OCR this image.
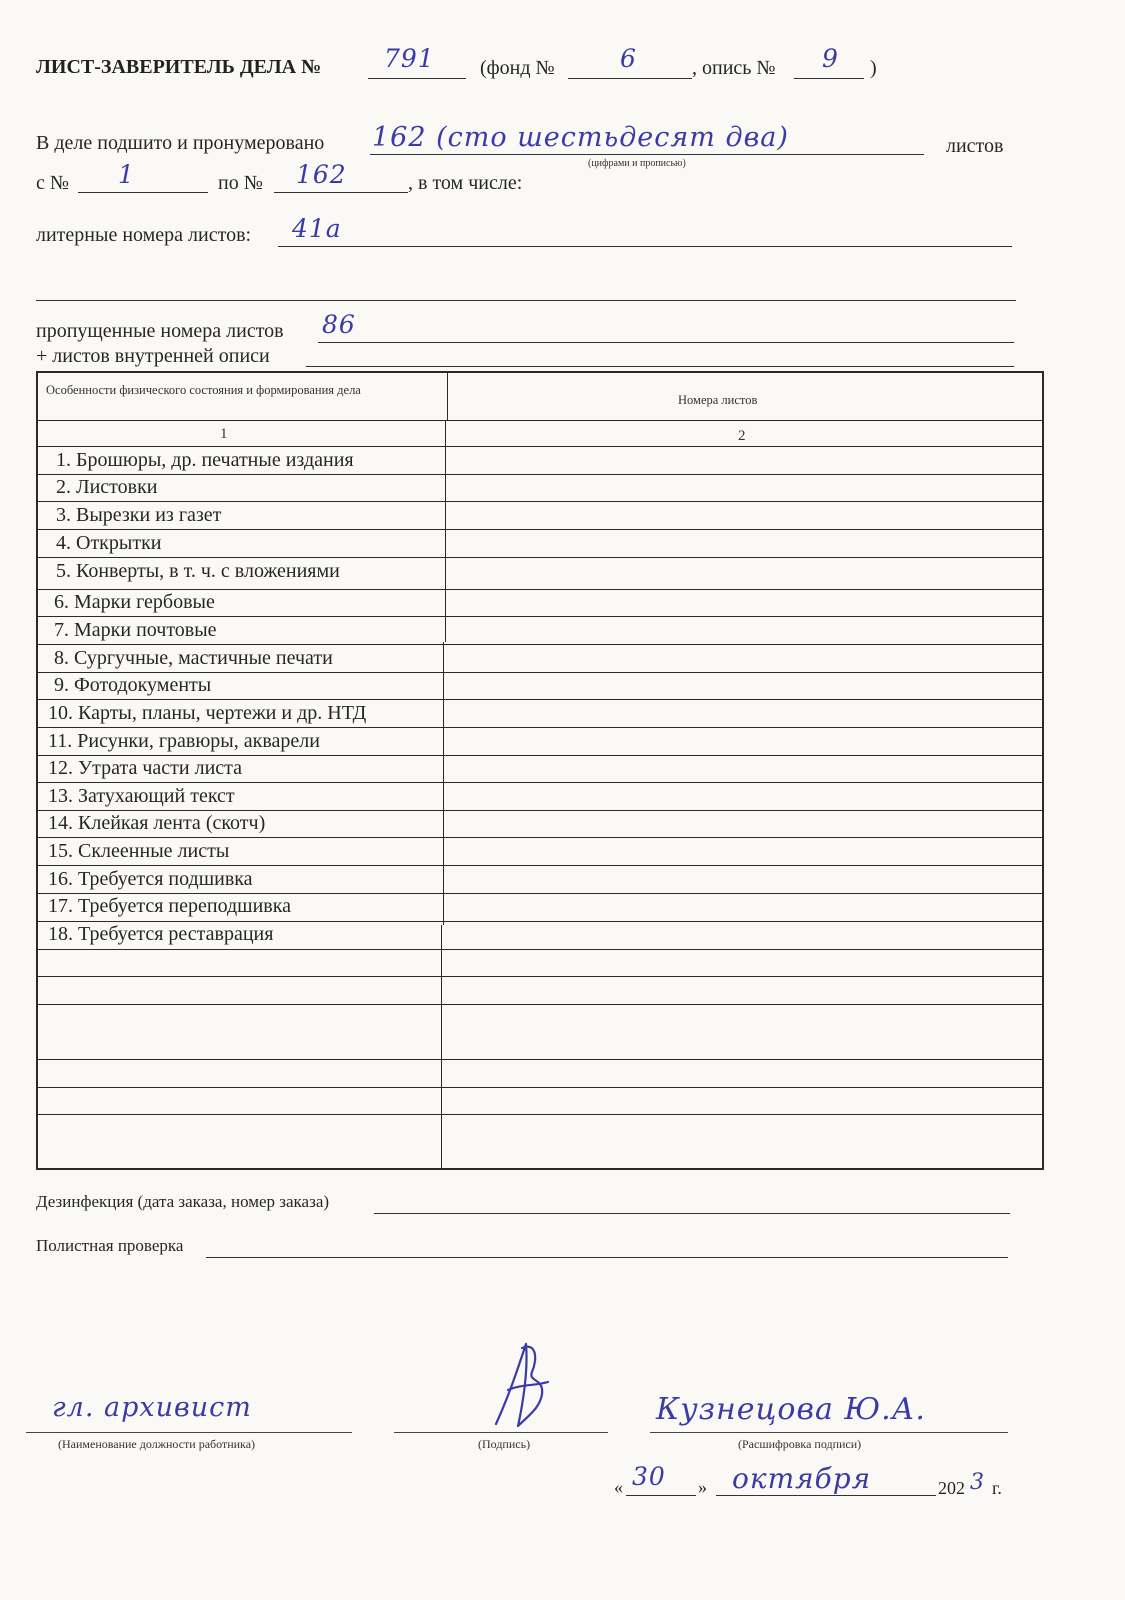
ЛИСТ-ЗАВЕРИТЕЛЬ ДЕЛА №	791 (фонд №	6	, опись № 9 )
В деле подшито и пронумеровано 162 (сто шестьдесят два)	листов
(цифрами и прописью)
с № 1	по № 162	, в том числе:
литерные номера листов: 41а
пропущенные номера листов 86
+ листов внутренней описи
Особенности физического состояния и формирования дела
Номера листов
1	2
1. Брошюры, др. печатные издания
2. Листовки
3. Вырезки из газет
4. Открытки
5. Конверты, в т. ч. с вложениями
6. Марки гербовые
7. Марки почтовые
8. Сургучные, мастичные печати
9. Фотодокументы
10. Карты, планы, чертежи и др. НТД
11. Рисунки, гравюры, акварели
12. Утрата части листа
13. Затухающий текст
14. Клейкая лента (скотч)
15. Склеенные листы
16. Требуется подшивка
17. Требуется переподшивка
18. Требуется реставрация
Дезинфекция (дата заказа, номер заказа)
Полистная проверка
гл. архивист
(Наименование должности работника)	(Подпись)
Кузнецова Ю.А.
(Расшифровка подписи)
« 30 » октября	202 3 г.
